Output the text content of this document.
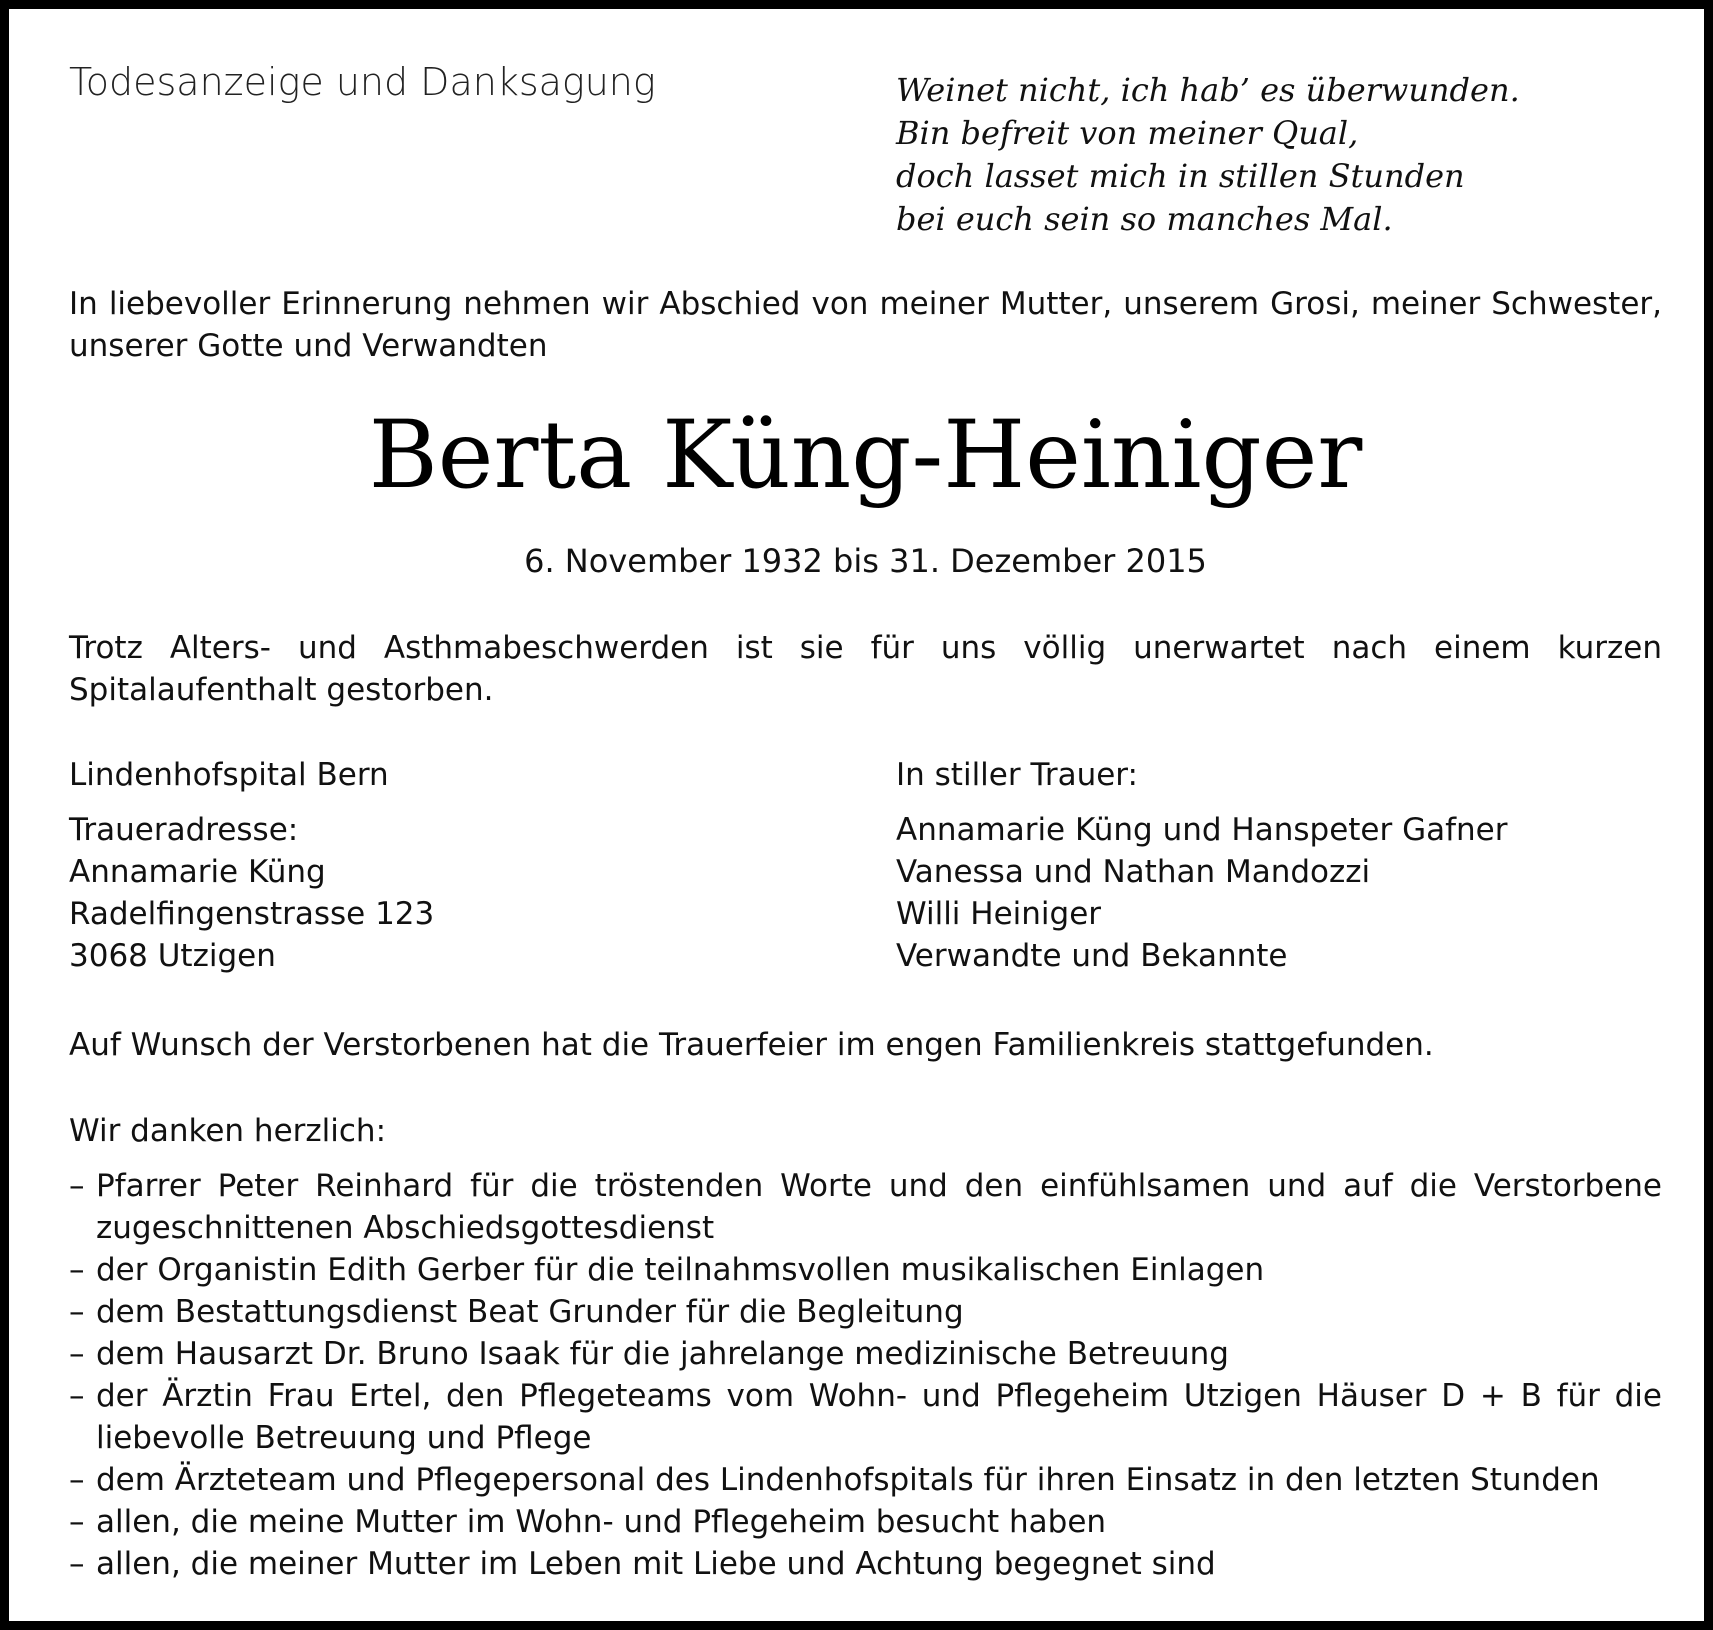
Todesanzeige und Danksagung	Weinet nicht, ich hab’ es überwunden.
Bin befreit von meiner Qual,
doch lasset mich in stillen Stunden
bei euch sein so manches Mal.

In liebevoller Erinnerung nehmen wir Abschied von meiner Mutter, unserem Grosi, meiner Schwester, unserer Gotte und Verwandten

Berta Küng-Heiniger
6. November 1932 bis 31. Dezember 2015

Trotz Alters- und Asthmabeschwerden ist sie für uns völlig unerwartet nach einem kurzen Spitalaufenthalt gestorben.

Lindenhofspital Bern
Traueradresse:
Annamarie Küng
Radelfingenstrasse 123
3068 Utzigen
In stiller Trauer:
Annamarie Küng und Hanspeter Gafner
Vanessa und Nathan Mandozzi
Willi Heiniger
Verwandte und Bekannte

Auf Wunsch der Verstorbenen hat die Trauerfeier im engen Familienkreis stattgefunden.

Wir danken herzlich:

– Pfarrer Peter Reinhard für die tröstenden Worte und den einfühlsamen und auf die Verstorbene zugeschnittenen Abschiedsgottesdienst
– der Organistin Edith Gerber für die teilnahmsvollen musikalischen Einlagen
– dem Bestattungsdienst Beat Grunder für die Begleitung
– dem Hausarzt Dr. Bruno Isaak für die jahrelange medizinische Betreuung
– der Ärztin Frau Ertel, den Pflegeteams vom Wohn- und Pflegeheim Utzigen Häuser D + B für die liebevolle Betreuung und Pflege
– dem Ärzteteam und Pflegepersonal des Lindenhofspitals für ihren Einsatz in den letzten Stunden
– allen, die meine Mutter im Wohn- und Pflegeheim besucht haben
– allen, die meiner Mutter im Leben mit Liebe und Achtung begegnet sind
